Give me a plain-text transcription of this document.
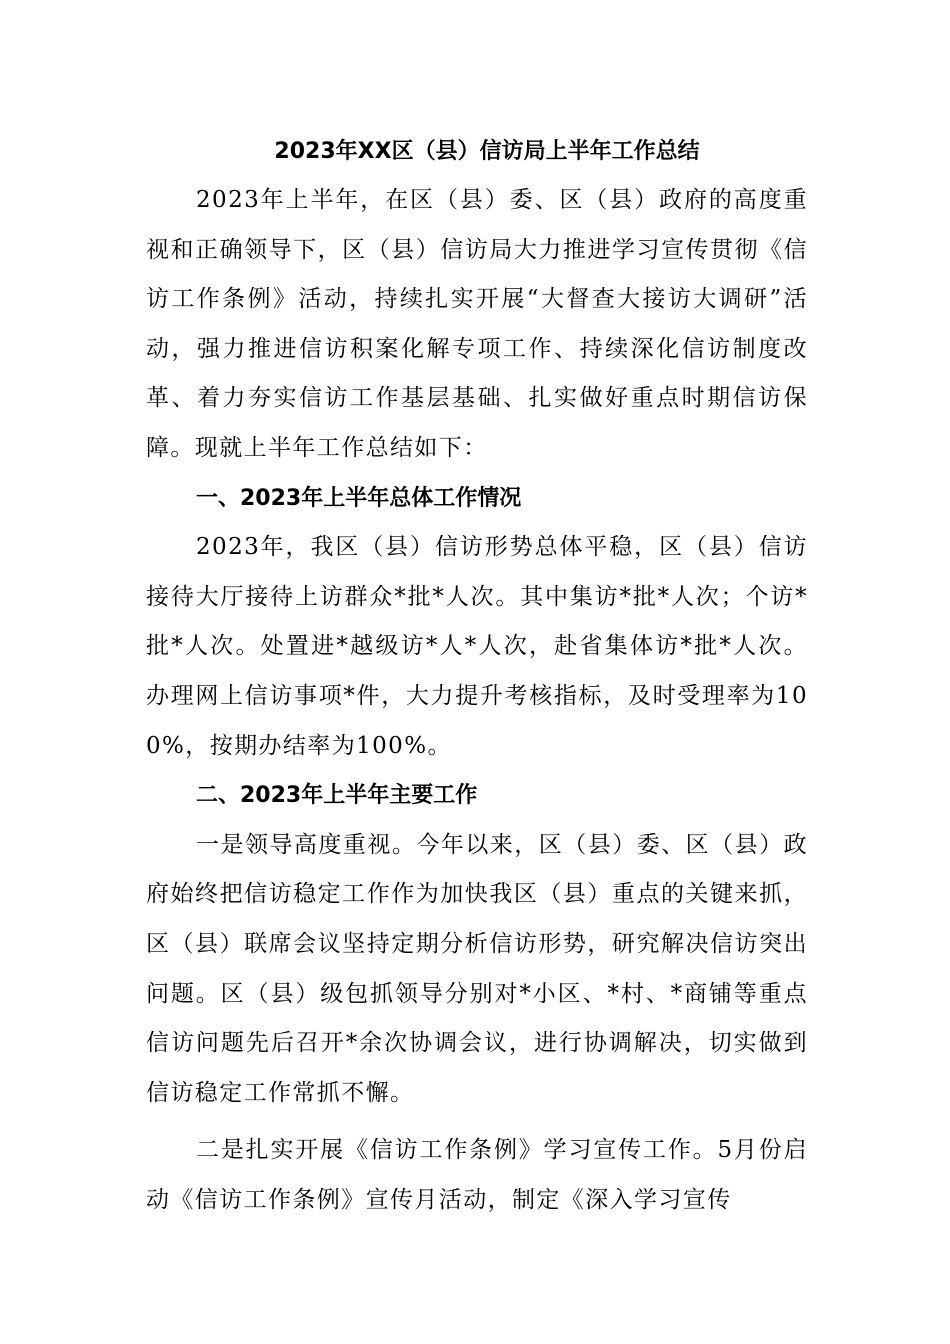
2023年XX区（县）信访局上半年工作总结

2023年上半年，在区（县）委、区（县）政府的高度重视和正确领导下，区（县）信访局大力推进学习宣传贯彻《信访工作条例》活动，持续扎实开展“大督查大接访大调研”活动，强力推进信访积案化解专项工作、持续深化信访制度改革、着力夯实信访工作基层基础、扎实做好重点时期信访保障。现就上半年工作总结如下：

一、2023年上半年总体工作情况

2023年，我区（县）信访形势总体平稳，区（县）信访接待大厅接待上访群众*批*人次。其中集访*批*人次；个访*批*人次。处置进*越级访*人*人次，赴省集体访*批*人次。办理网上信访事项*件，大力提升考核指标，及时受理率为100%，按期办结率为100%。

二、2023年上半年主要工作

一是领导高度重视。今年以来，区（县）委、区（县）政府始终把信访稳定工作作为加快我区（县）重点的关键来抓，区（县）联席会议坚持定期分析信访形势，研究解决信访突出问题。区（县）级包抓领导分别对*小区、*村、*商铺等重点信访问题先后召开*余次协调会议，进行协调解决，切实做到信访稳定工作常抓不懈。

二是扎实开展《信访工作条例》学习宣传工作。5月份启动《信访工作条例》宣传月活动，制定《深入学习宣传
